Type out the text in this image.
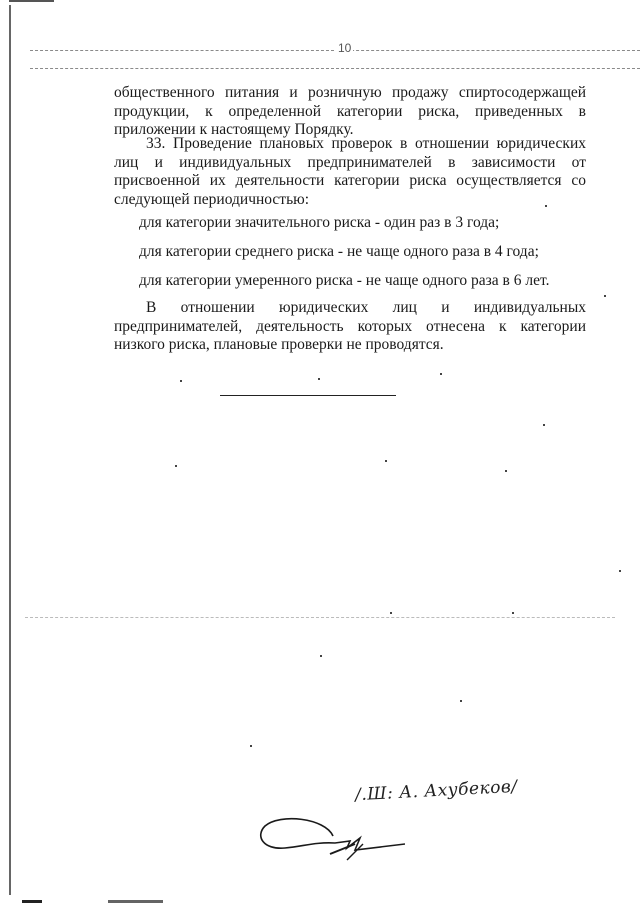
10

общественного питания и розничную продажу спиртосодержащей продукции, к определенной категории риска, приведенных в приложении к настоящему Порядку.

33. Проведение плановых проверок в отношении юридических лиц и индивидуальных предпринимателей в зависимости от присвоенной их деятельности категории риска осуществляется со следующей периодичностью:

для категории значительного риска - один раз в 3 года;
для категории среднего риска - не чаще одного раза в 4 года;
для категории умеренного риска - не чаще одного раза в 6 лет.

В отношении юридических лиц и индивидуальных предпринимателей, деятельность которых отнесена к категории низкого риска, плановые проверки не проводятся.

/.Ш: А. Ахубеков/
